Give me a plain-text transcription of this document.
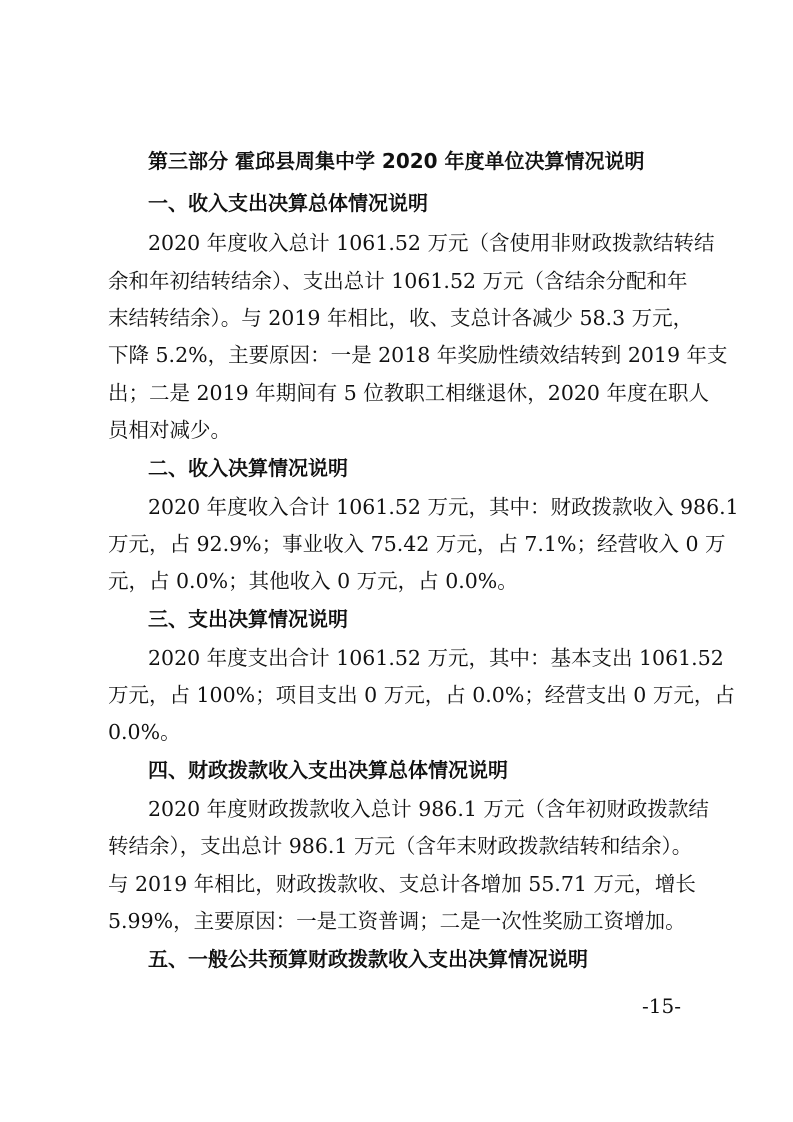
第三部分 霍邱县周集中学 2020 年度单位决算情况说明
一、收入支出决算总体情况说明
2020 年度收入总计 1061.52 万元（含使用非财政拨款结转结
余和年初结转结余）、支出总计 1061.52 万元（含结余分配和年
末结转结余）。与 2019 年相比，收、支总计各减少 58.3 万元，
下降 5.2%，主要原因：一是 2018 年奖励性绩效结转到 2019 年支
出；二是 2019 年期间有 5 位教职工相继退休，2020 年度在职人
员相对减少。
二、收入决算情况说明
2020 年度收入合计 1061.52 万元，其中：财政拨款收入 986.1
万元，占 92.9%；事业收入 75.42 万元，占 7.1%；经营收入 0 万
元，占 0.0%；其他收入 0 万元，占 0.0%。
三、支出决算情况说明
2020 年度支出合计 1061.52 万元，其中：基本支出 1061.52
万元，占 100%；项目支出 0 万元，占 0.0%；经营支出 0 万元，占
0.0%。
四、财政拨款收入支出决算总体情况说明
2020 年度财政拨款收入总计 986.1 万元（含年初财政拨款结
转结余），支出总计 986.1 万元（含年末财政拨款结转和结余）。
与 2019 年相比，财政拨款收、支总计各增加 55.71 万元，增长
5.99%，主要原因：一是工资普调；二是一次性奖励工资增加。
五、一般公共预算财政拨款收入支出决算情况说明
-15-
